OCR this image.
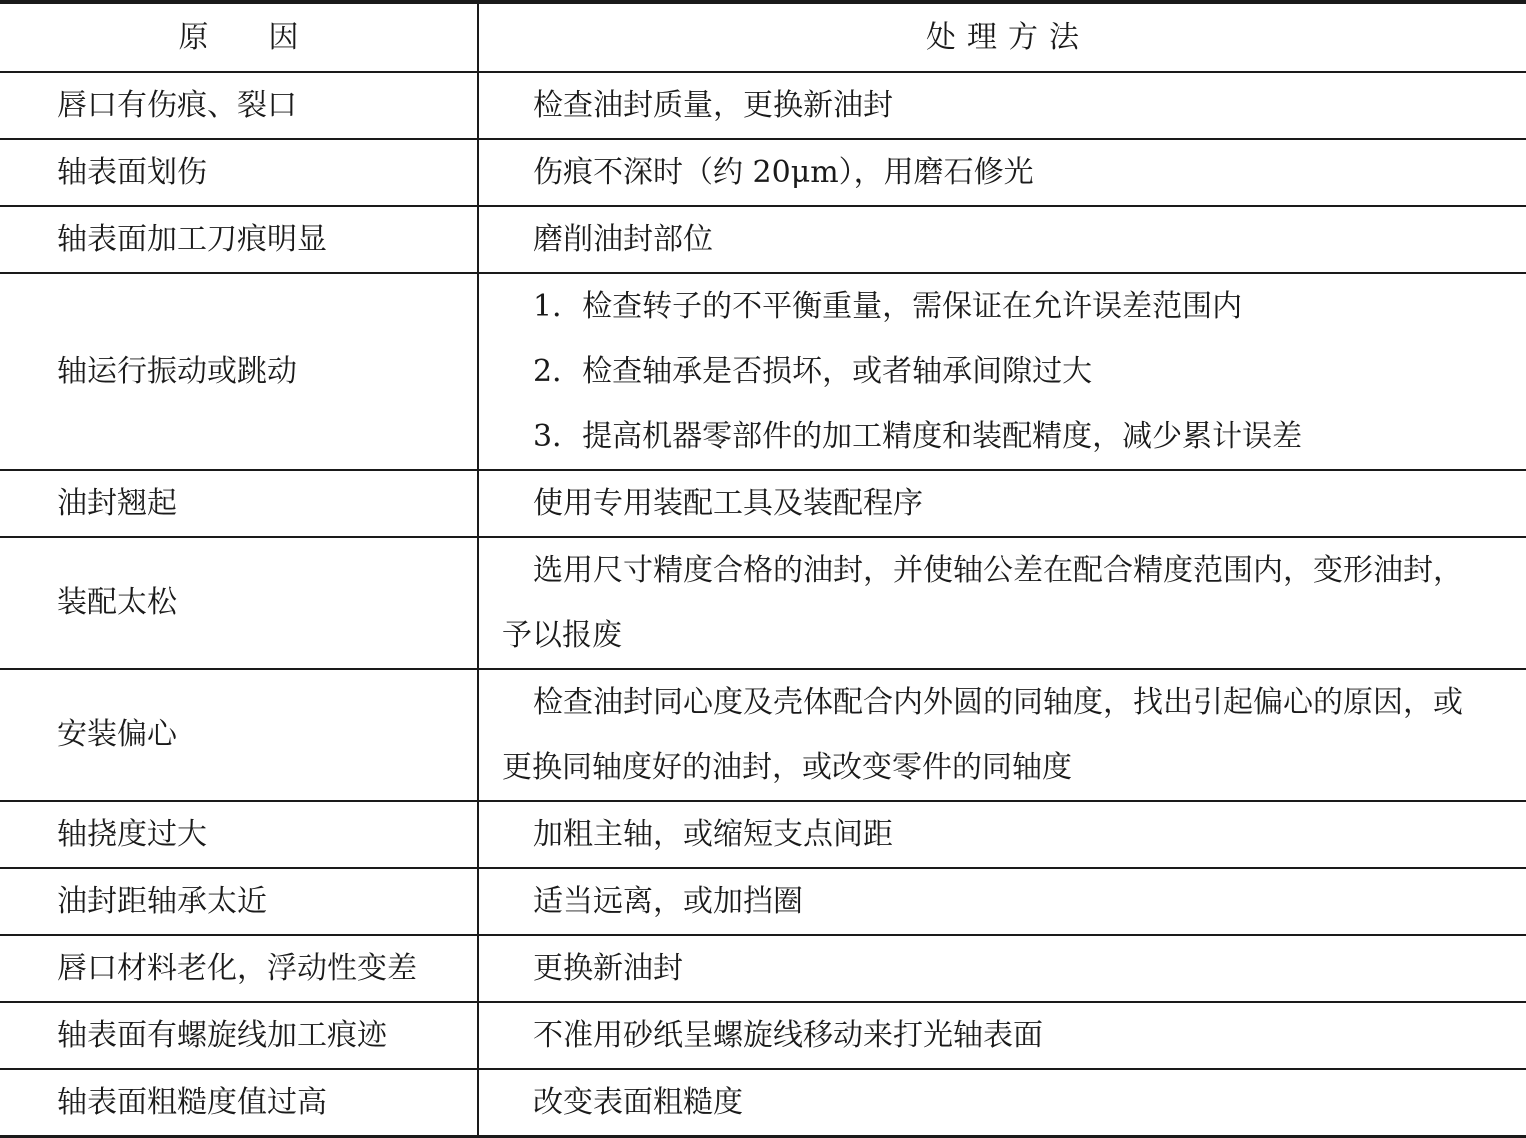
原 因	处 理 方 法
唇口有伤痕、裂口	检查油封质量，更换新油封

轴表面划伤	伤痕不深时（约 20μm），用磨石修光

轴表面加工刀痕明显	磨削油封部位

轴运行振动或跳动	1．检查转子的不平衡重量，需保证在允许误差范围内
2．检查轴承是否损坏，或者轴承间隙过大
3．提高机器零部件的加工精度和装配精度，减少累计误差

油封翘起	使用专用装配工具及装配程序

装配太松	选用尺寸精度合格的油封，并使轴公差在配合精度范围内，变形油封，
予以报废

安装偏心	检查油封同心度及壳体配合内外圆的同轴度，找出引起偏心的原因，或
更换同轴度好的油封，或改变零件的同轴度

轴挠度过大	加粗主轴，或缩短支点间距

油封距轴承太近	适当远离，或加挡圈

唇口材料老化，浮动性变差	更换新油封

轴表面有螺旋线加工痕迹	不准用砂纸呈螺旋线移动来打光轴表面

轴表面粗糙度值过高	改变表面粗糙度
